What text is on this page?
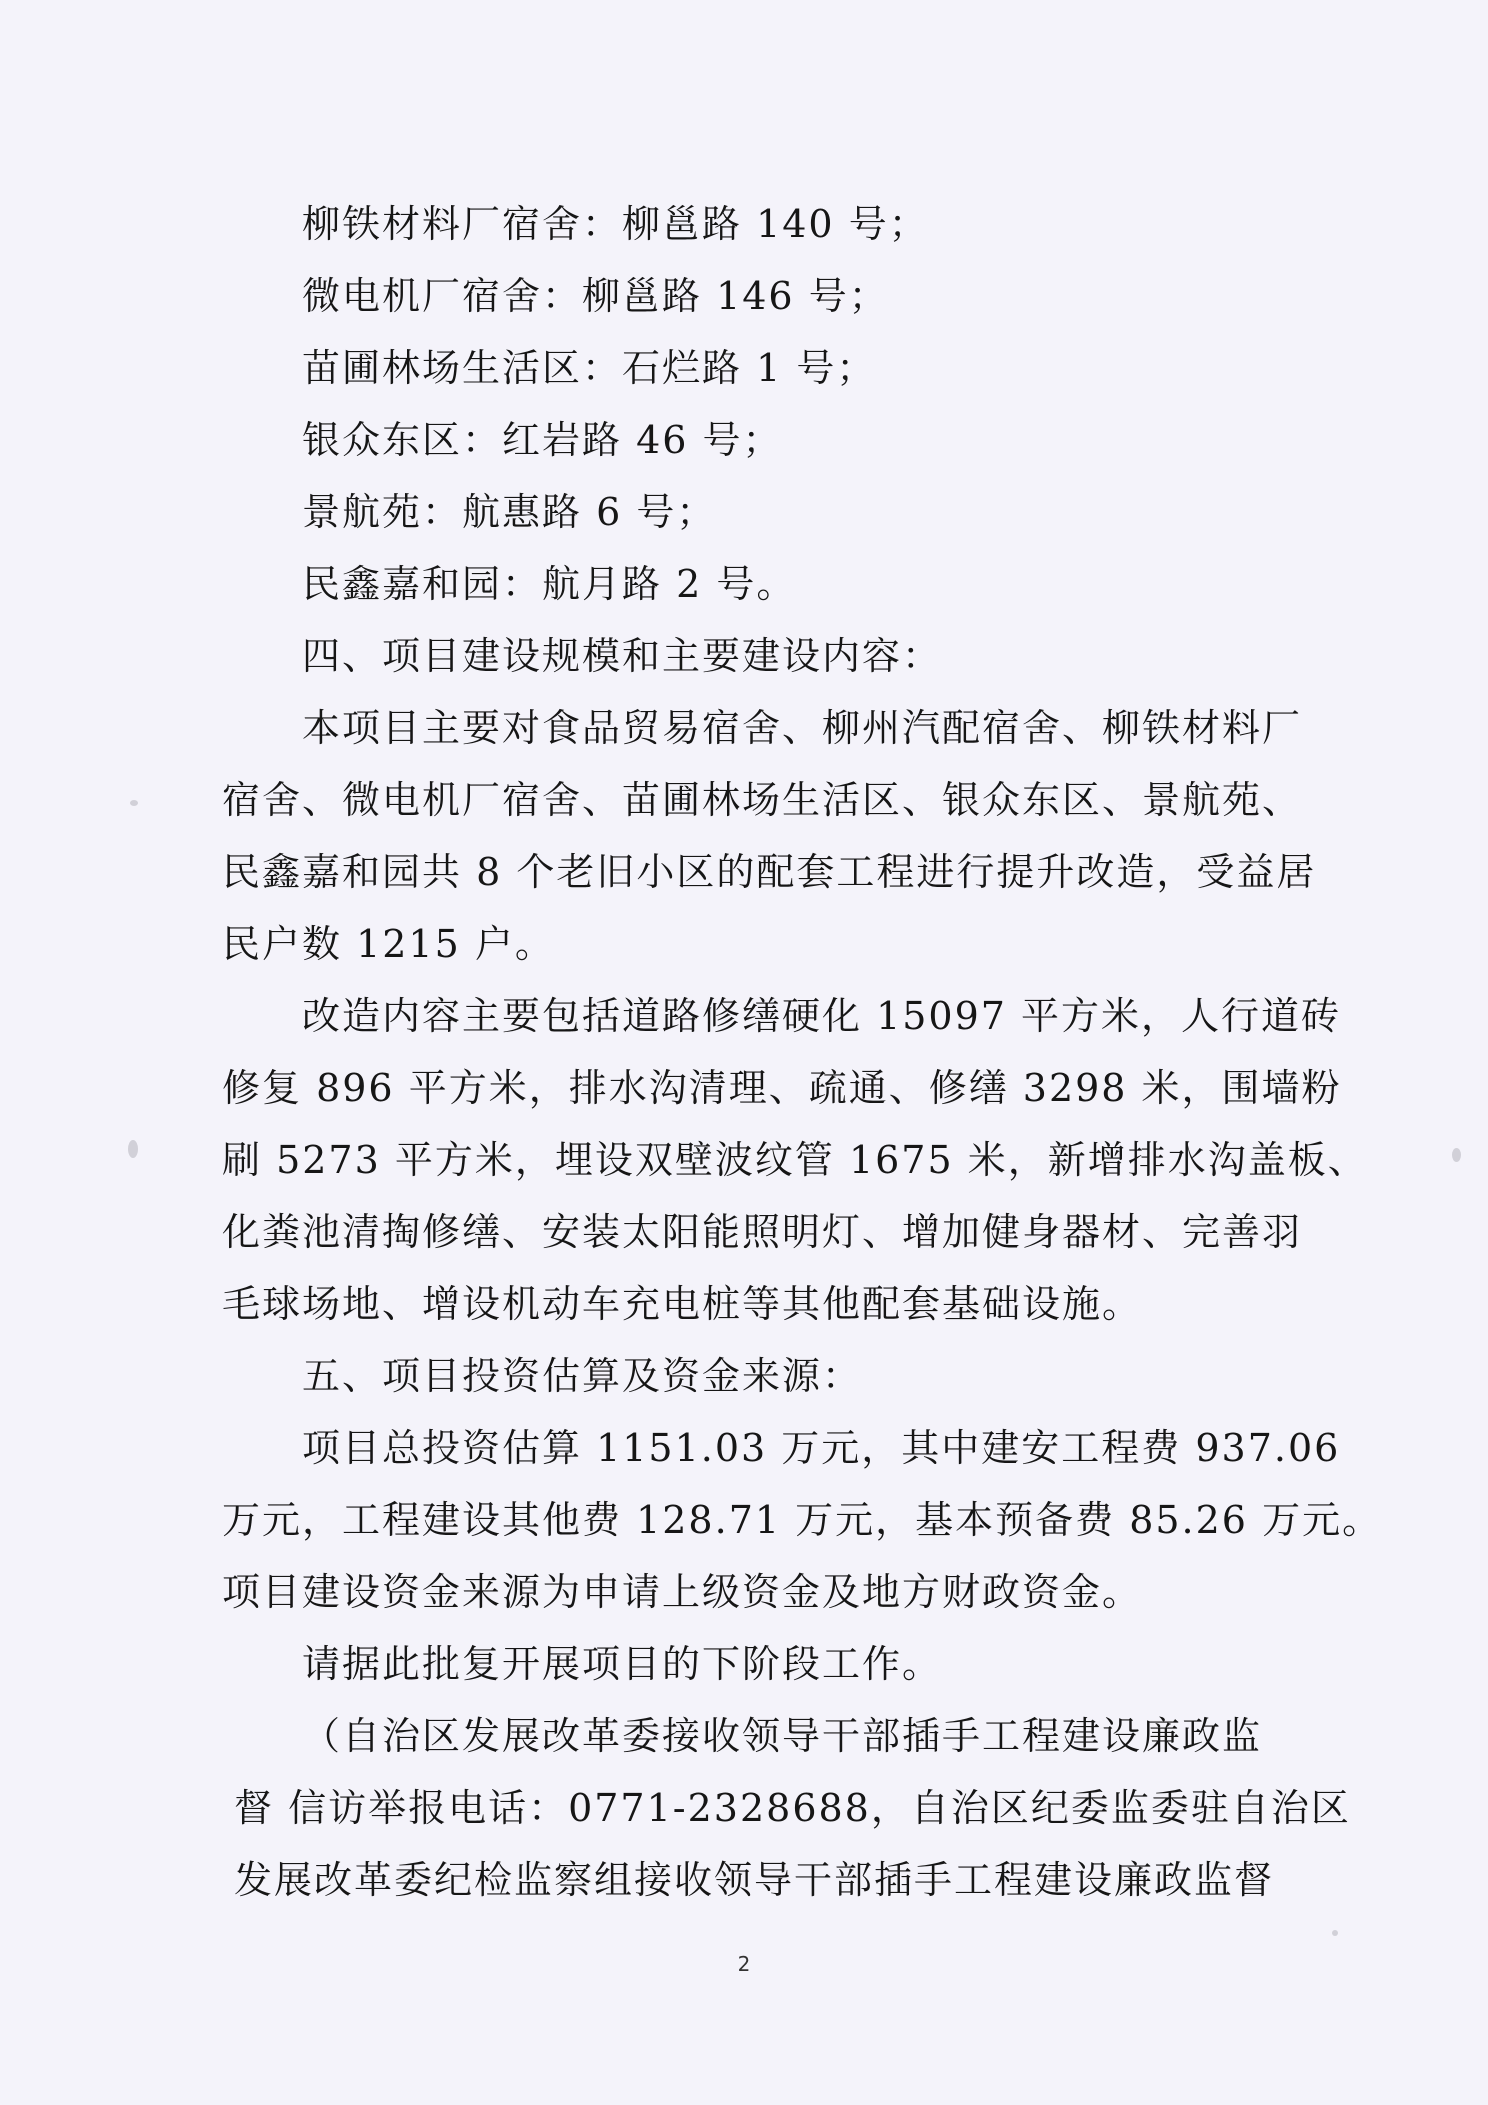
柳铁材料厂宿舍：柳邕路 140 号；
微电机厂宿舍：柳邕路 146 号；
苗圃林场生活区：石烂路 1 号；
银众东区：红岩路 46 号；
景航苑：航惠路 6 号；
民鑫嘉和园：航月路 2 号。
四、项目建设规模和主要建设内容：
本项目主要对食品贸易宿舍、柳州汽配宿舍、柳铁材料厂
宿舍、微电机厂宿舍、苗圃林场生活区、银众东区、景航苑、
民鑫嘉和园共 8 个老旧小区的配套工程进行提升改造，受益居
民户数 1215 户。
改造内容主要包括道路修缮硬化 15097 平方米，人行道砖
修复 896 平方米，排水沟清理、疏通、修缮 3298 米，围墙粉
刷 5273 平方米，埋设双壁波纹管 1675 米，新增排水沟盖板、
化粪池清掏修缮、安装太阳能照明灯、增加健身器材、完善羽
毛球场地、增设机动车充电桩等其他配套基础设施。
五、项目投资估算及资金来源：
项目总投资估算 1151.03 万元，其中建安工程费 937.06
万元，工程建设其他费 128.71 万元，基本预备费 85.26 万元。
项目建设资金来源为申请上级资金及地方财政资金。
请据此批复开展项目的下阶段工作。
（自治区发展改革委接收领导干部插手工程建设廉政监
督 信访举报电话：0771-2328688，自治区纪委监委驻自治区
发展改革委纪检监察组接收领导干部插手工程建设廉政监督
2
